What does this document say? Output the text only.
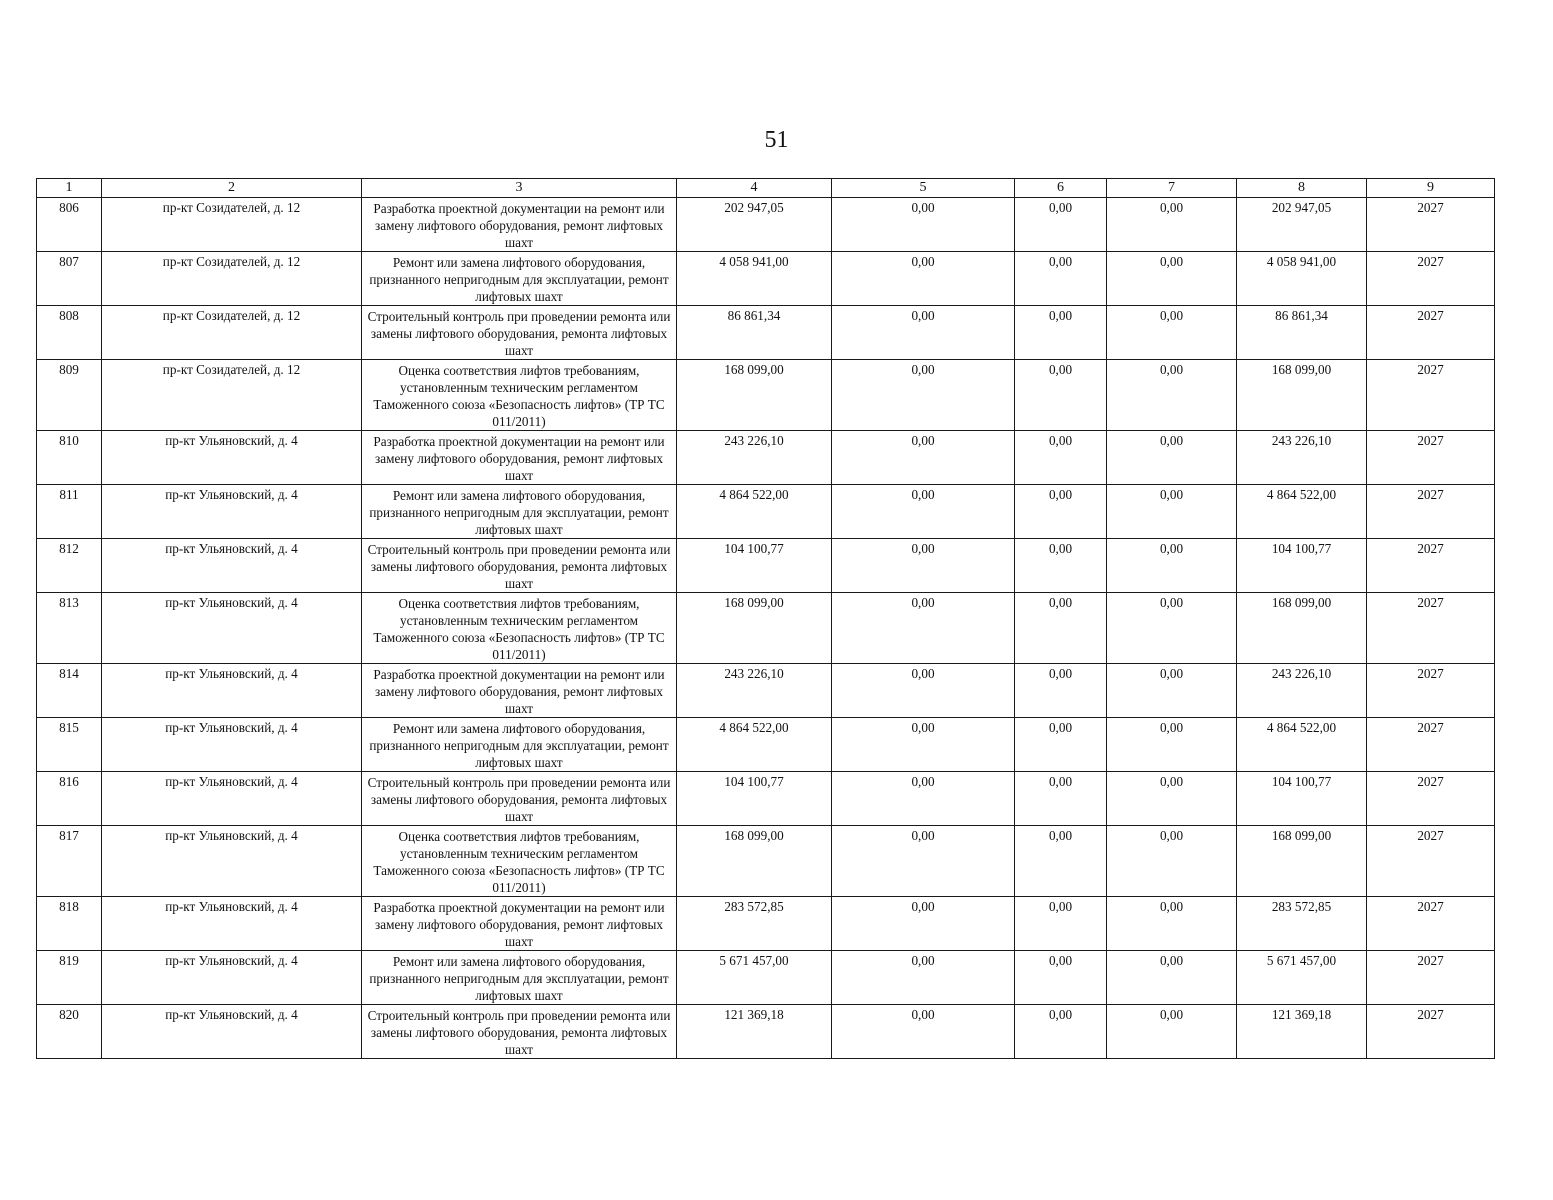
51
1	2	3	4	5	6	7	8	9
806	пр-кт Созидателей, д. 12	Разработка проектной документации на ремонт или замену лифтового оборудования, ремонт лифтовых шахт	202 947,05	0,00	0,00	0,00	202 947,05	2027
807	пр-кт Созидателей, д. 12	Ремонт или замена лифтового оборудования, признанного непригодным для эксплуатации, ремонт лифтовых шахт	4 058 941,00	0,00	0,00	0,00	4 058 941,00	2027
808	пр-кт Созидателей, д. 12	Строительный контроль при проведении ремонта или замены лифтового оборудования, ремонта лифтовых шахт	86 861,34	0,00	0,00	0,00	86 861,34	2027
809	пр-кт Созидателей, д. 12	Оценка соответствия лифтов требованиям, установленным техническим регламентом Таможенного союза «Безопасность лифтов» (ТР ТС 011/2011)	168 099,00	0,00	0,00	0,00	168 099,00	2027
810	пр-кт Ульяновский, д. 4	Разработка проектной документации на ремонт или замену лифтового оборудования, ремонт лифтовых шахт	243 226,10	0,00	0,00	0,00	243 226,10	2027
811	пр-кт Ульяновский, д. 4	Ремонт или замена лифтового оборудования, признанного непригодным для эксплуатации, ремонт лифтовых шахт	4 864 522,00	0,00	0,00	0,00	4 864 522,00	2027
812	пр-кт Ульяновский, д. 4	Строительный контроль при проведении ремонта или замены лифтового оборудования, ремонта лифтовых шахт	104 100,77	0,00	0,00	0,00	104 100,77	2027
813	пр-кт Ульяновский, д. 4	Оценка соответствия лифтов требованиям, установленным техническим регламентом Таможенного союза «Безопасность лифтов» (ТР ТС 011/2011)	168 099,00	0,00	0,00	0,00	168 099,00	2027
814	пр-кт Ульяновский, д. 4	Разработка проектной документации на ремонт или замену лифтового оборудования, ремонт лифтовых шахт	243 226,10	0,00	0,00	0,00	243 226,10	2027
815	пр-кт Ульяновский, д. 4	Ремонт или замена лифтового оборудования, признанного непригодным для эксплуатации, ремонт лифтовых шахт	4 864 522,00	0,00	0,00	0,00	4 864 522,00	2027
816	пр-кт Ульяновский, д. 4	Строительный контроль при проведении ремонта или замены лифтового оборудования, ремонта лифтовых шахт	104 100,77	0,00	0,00	0,00	104 100,77	2027
817	пр-кт Ульяновский, д. 4	Оценка соответствия лифтов требованиям, установленным техническим регламентом Таможенного союза «Безопасность лифтов» (ТР ТС 011/2011)	168 099,00	0,00	0,00	0,00	168 099,00	2027
818	пр-кт Ульяновский, д. 4	Разработка проектной документации на ремонт или замену лифтового оборудования, ремонт лифтовых шахт	283 572,85	0,00	0,00	0,00	283 572,85	2027
819	пр-кт Ульяновский, д. 4	Ремонт или замена лифтового оборудования, признанного непригодным для эксплуатации, ремонт лифтовых шахт	5 671 457,00	0,00	0,00	0,00	5 671 457,00	2027
820	пр-кт Ульяновский, д. 4	Строительный контроль при проведении ремонта или замены лифтового оборудования, ремонта лифтовых шахт	121 369,18	0,00	0,00	0,00	121 369,18	2027
